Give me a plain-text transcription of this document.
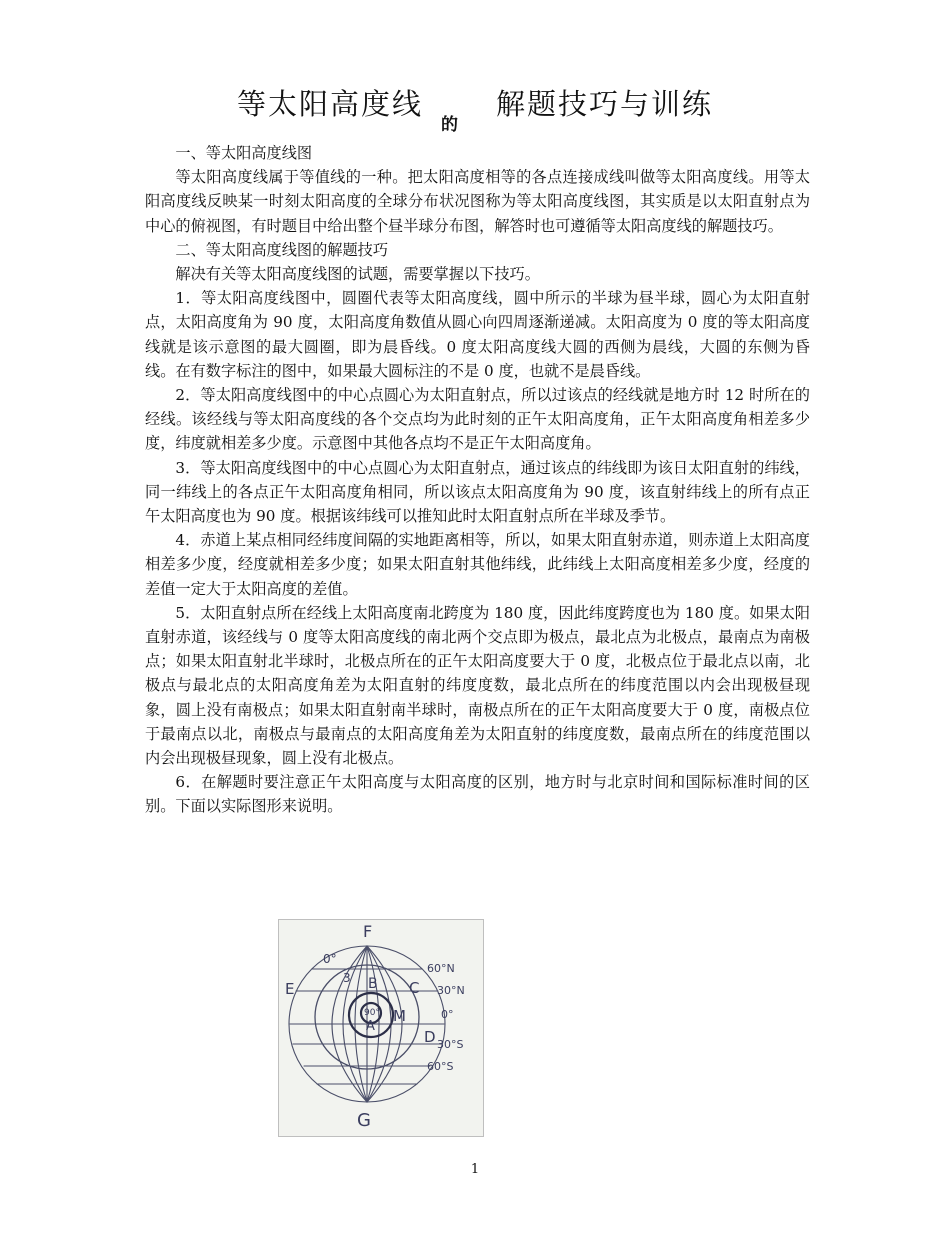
等太阳高度线的解题技巧与训练

一、等太阳高度线图

等太阳高度线属于等值线的一种。把太阳高度相等的各点连接成线叫做等太阳高度线。用等太阳高度线反映某一时刻太阳高度的全球分布状况图称为等太阳高度线图，其实质是以太阳直射点为中心的俯视图，有时题目中给出整个昼半球分布图，解答时也可遵循等太阳高度线的解题技巧。

二、等太阳高度线图的解题技巧

解决有关等太阳高度线图的试题，需要掌握以下技巧。

1．等太阳高度线图中，圆圈代表等太阳高度线，圆中所示的半球为昼半球，圆心为太阳直射点，太阳高度角为 90 度，太阳高度角数值从圆心向四周逐渐递减。太阳高度为 0 度的等太阳高度线就是该示意图的最大圆圈，即为晨昏线。0 度太阳高度线大圆的西侧为晨线，大圆的东侧为昏线。在有数字标注的图中，如果最大圆标注的不是 0 度，也就不是晨昏线。

2．等太阳高度线图中的中心点圆心为太阳直射点，所以过该点的经线就是地方时 12 时所在的经线。该经线与等太阳高度线的各个交点均为此时刻的正午太阳高度角，正午太阳高度角相差多少度，纬度就相差多少度。示意图中其他各点均不是正午太阳高度角。

3．等太阳高度线图中的中心点圆心为太阳直射点，通过该点的纬线即为该日太阳直射的纬线，同一纬线上的各点正午太阳高度角相同，所以该点太阳高度角为 90 度，该直射纬线上的所有点正午太阳高度也为 90 度。根据该纬线可以推知此时太阳直射点所在半球及季节。

4．赤道上某点相同经纬度间隔的实地距离相等，所以，如果太阳直射赤道，则赤道上太阳高度相差多少度，经度就相差多少度；如果太阳直射其他纬线，此纬线上太阳高度相差多少度，经度的差值一定大于太阳高度的差值。

5．太阳直射点所在经线上太阳高度南北跨度为 180 度，因此纬度跨度也为 180 度。如果太阳直射赤道，该经线与 0 度等太阳高度线的南北两个交点即为极点，最北点为北极点，最南点为南极点；如果太阳直射北半球时，北极点所在的正午太阳高度要大于 0 度，北极点位于最北点以南，北极点与最北点的太阳高度角差为太阳直射的纬度度数，最北点所在的纬度范围以内会出现极昼现象，圆上没有南极点；如果太阳直射南半球时，南极点所在的正午太阳高度要大于 0 度，南极点位于最南点以北，南极点与最南点的太阳高度角差为太阳直射的纬度度数，最南点所在的纬度范围以内会出现极昼现象，圆上没有北极点。

6．在解题时要注意正午太阳高度与太阳高度的区别，地方时与北京时间和国际标准时间的区别。下面以实际图形来说明。

F
G
E	C
B
A
M
D
0°
3
90°
60°N
30°N
0°
30°S
60°S
1
